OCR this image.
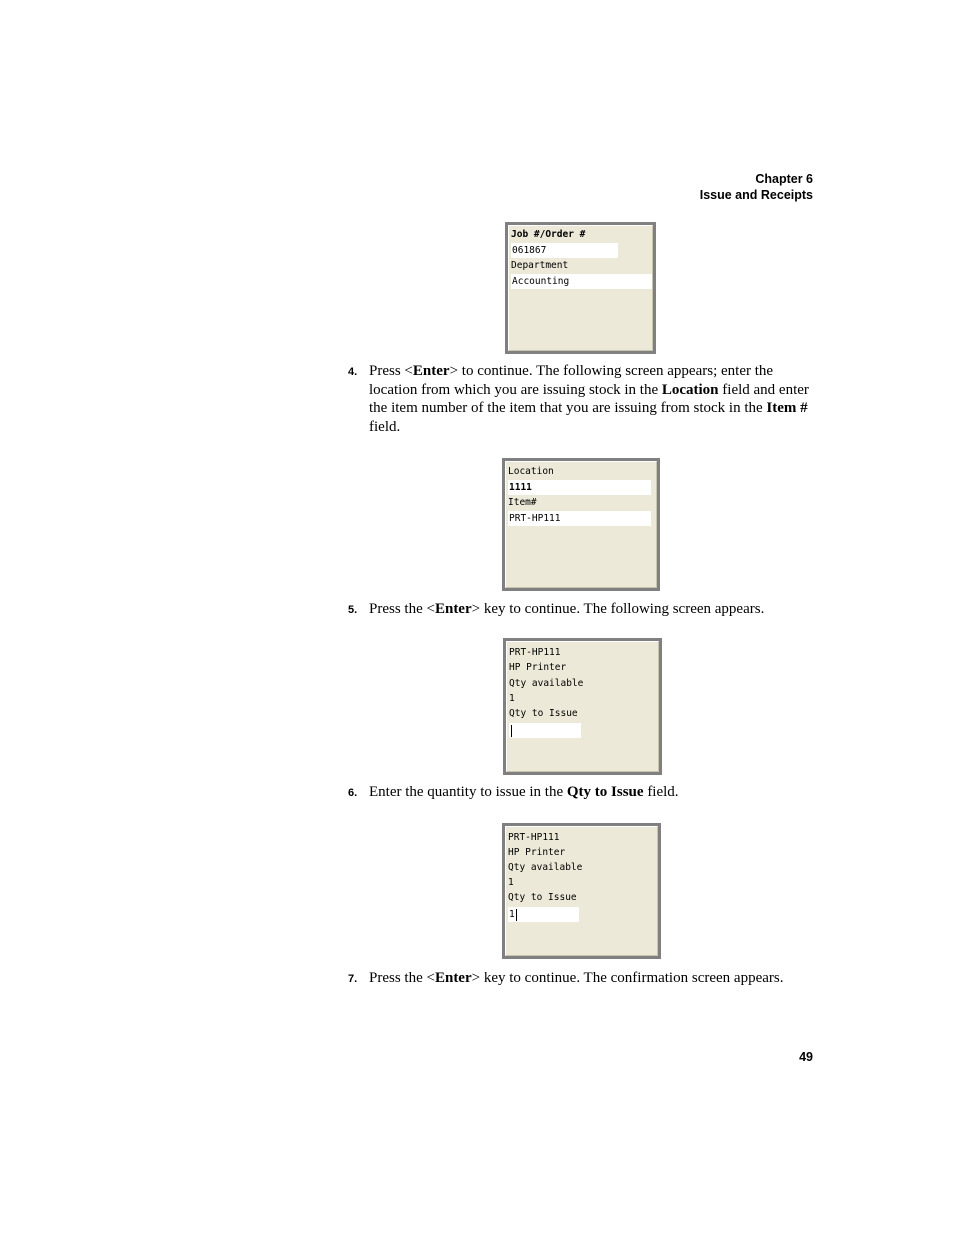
Chapter 6
Issue and Receipts
Job #/Order #
061867
Department
Accounting
4. Press <Enter> to continue. The following screen appears; enter the location from which you are issuing stock in the Location field and enter the item number of the item that you are issuing from stock in the Item # field.
Location
1111
Item#
PRT-HP111
5. Press the <Enter> key to continue. The following screen appears.
PRT-HP111
HP Printer
Qty available
1
Qty to Issue
6. Enter the quantity to issue in the Qty to Issue field.
PRT-HP111
HP Printer
Qty available
1
Qty to Issue
1
7. Press the <Enter> key to continue. The confirmation screen appears.
49
